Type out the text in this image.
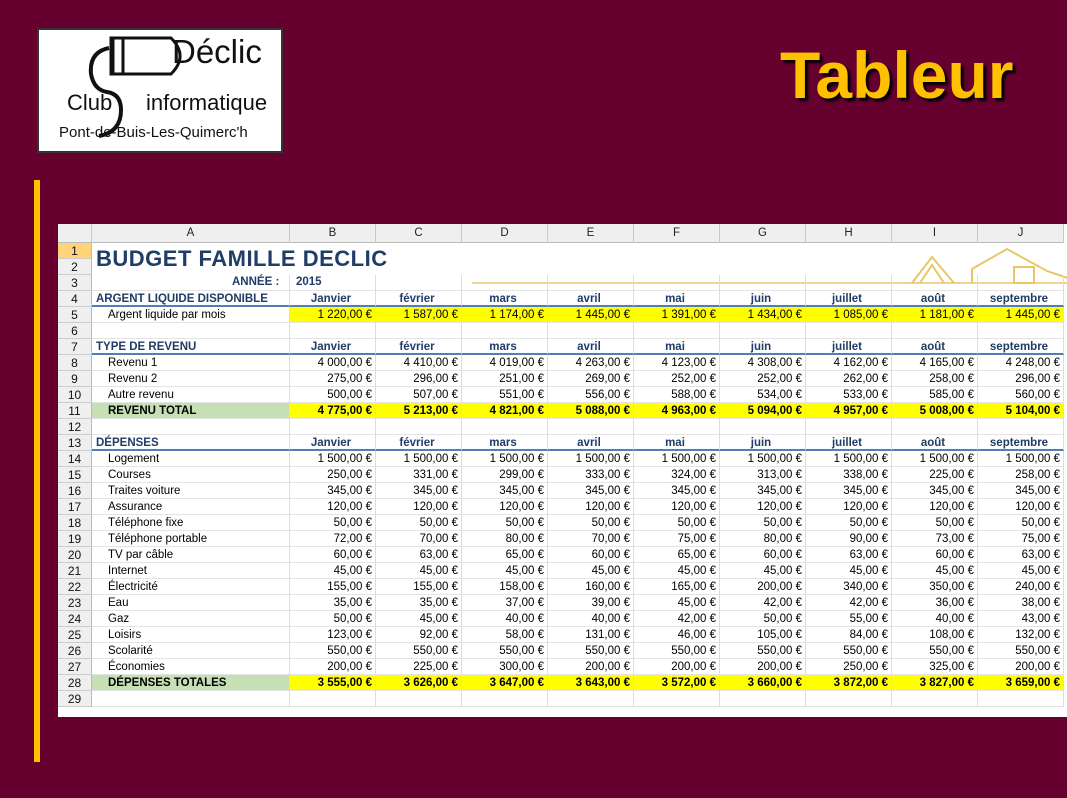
Déclic
Club informatique
Pont-de-Buis-Les-Quimerc'h
Tableur
A	B	C	D	E	F	G	H	I	J
BUDGET FAMILLE DECLIC
ANNÉE : 2015
1
2
3
4	ARGENT LIQUIDE DISPONIBLE	Janvier	février	mars	avril	mai	juin	juillet	août	septembre
5	Argent liquide par mois	1 220,00 €	1 587,00 €	1 174,00 €	1 445,00 €	1 391,00 €	1 434,00 €	1 085,00 €	1 181,00 €	1 445,00 €
6
7	TYPE DE REVENU	Janvier	février	mars	avril	mai	juin	juillet	août	septembre
8	Revenu 1	4 000,00 €	4 410,00 €	4 019,00 €	4 263,00 €	4 123,00 €	4 308,00 €	4 162,00 €	4 165,00 €	4 248,00 €
9	Revenu 2	275,00 €	296,00 €	251,00 €	269,00 €	252,00 €	252,00 €	262,00 €	258,00 €	296,00 €
10	Autre revenu	500,00 €	507,00 €	551,00 €	556,00 €	588,00 €	534,00 €	533,00 €	585,00 €	560,00 €
11	REVENU TOTAL	4 775,00 €	5 213,00 €	4 821,00 €	5 088,00 €	4 963,00 €	5 094,00 €	4 957,00 €	5 008,00 €	5 104,00 €
12
13	DÉPENSES	Janvier	février	mars	avril	mai	juin	juillet	août	septembre
14	Logement	1 500,00 €	1 500,00 €	1 500,00 €	1 500,00 €	1 500,00 €	1 500,00 €	1 500,00 €	1 500,00 €	1 500,00 €
15	Courses	250,00 €	331,00 €	299,00 €	333,00 €	324,00 €	313,00 €	338,00 €	225,00 €	258,00 €
16	Traites voiture	345,00 €	345,00 €	345,00 €	345,00 €	345,00 €	345,00 €	345,00 €	345,00 €	345,00 €
17	Assurance	120,00 €	120,00 €	120,00 €	120,00 €	120,00 €	120,00 €	120,00 €	120,00 €	120,00 €
18	Téléphone fixe	50,00 €	50,00 €	50,00 €	50,00 €	50,00 €	50,00 €	50,00 €	50,00 €	50,00 €
19	Téléphone portable	72,00 €	70,00 €	80,00 €	70,00 €	75,00 €	80,00 €	90,00 €	73,00 €	75,00 €
20	TV par câble	60,00 €	63,00 €	65,00 €	60,00 €	65,00 €	60,00 €	63,00 €	60,00 €	63,00 €
21	Internet	45,00 €	45,00 €	45,00 €	45,00 €	45,00 €	45,00 €	45,00 €	45,00 €	45,00 €
22	Électricité	155,00 €	155,00 €	158,00 €	160,00 €	165,00 €	200,00 €	340,00 €	350,00 €	240,00 €
23	Eau	35,00 €	35,00 €	37,00 €	39,00 €	45,00 €	42,00 €	42,00 €	36,00 €	38,00 €
24	Gaz	50,00 €	45,00 €	40,00 €	40,00 €	42,00 €	50,00 €	55,00 €	40,00 €	43,00 €
25	Loisirs	123,00 €	92,00 €	58,00 €	131,00 €	46,00 €	105,00 €	84,00 €	108,00 €	132,00 €
26	Scolarité	550,00 €	550,00 €	550,00 €	550,00 €	550,00 €	550,00 €	550,00 €	550,00 €	550,00 €
27	Économies	200,00 €	225,00 €	300,00 €	200,00 €	200,00 €	200,00 €	250,00 €	325,00 €	200,00 €
28	DÉPENSES TOTALES	3 555,00 €	3 626,00 €	3 647,00 €	3 643,00 €	3 572,00 €	3 660,00 €	3 872,00 €	3 827,00 €	3 659,00 €
29
